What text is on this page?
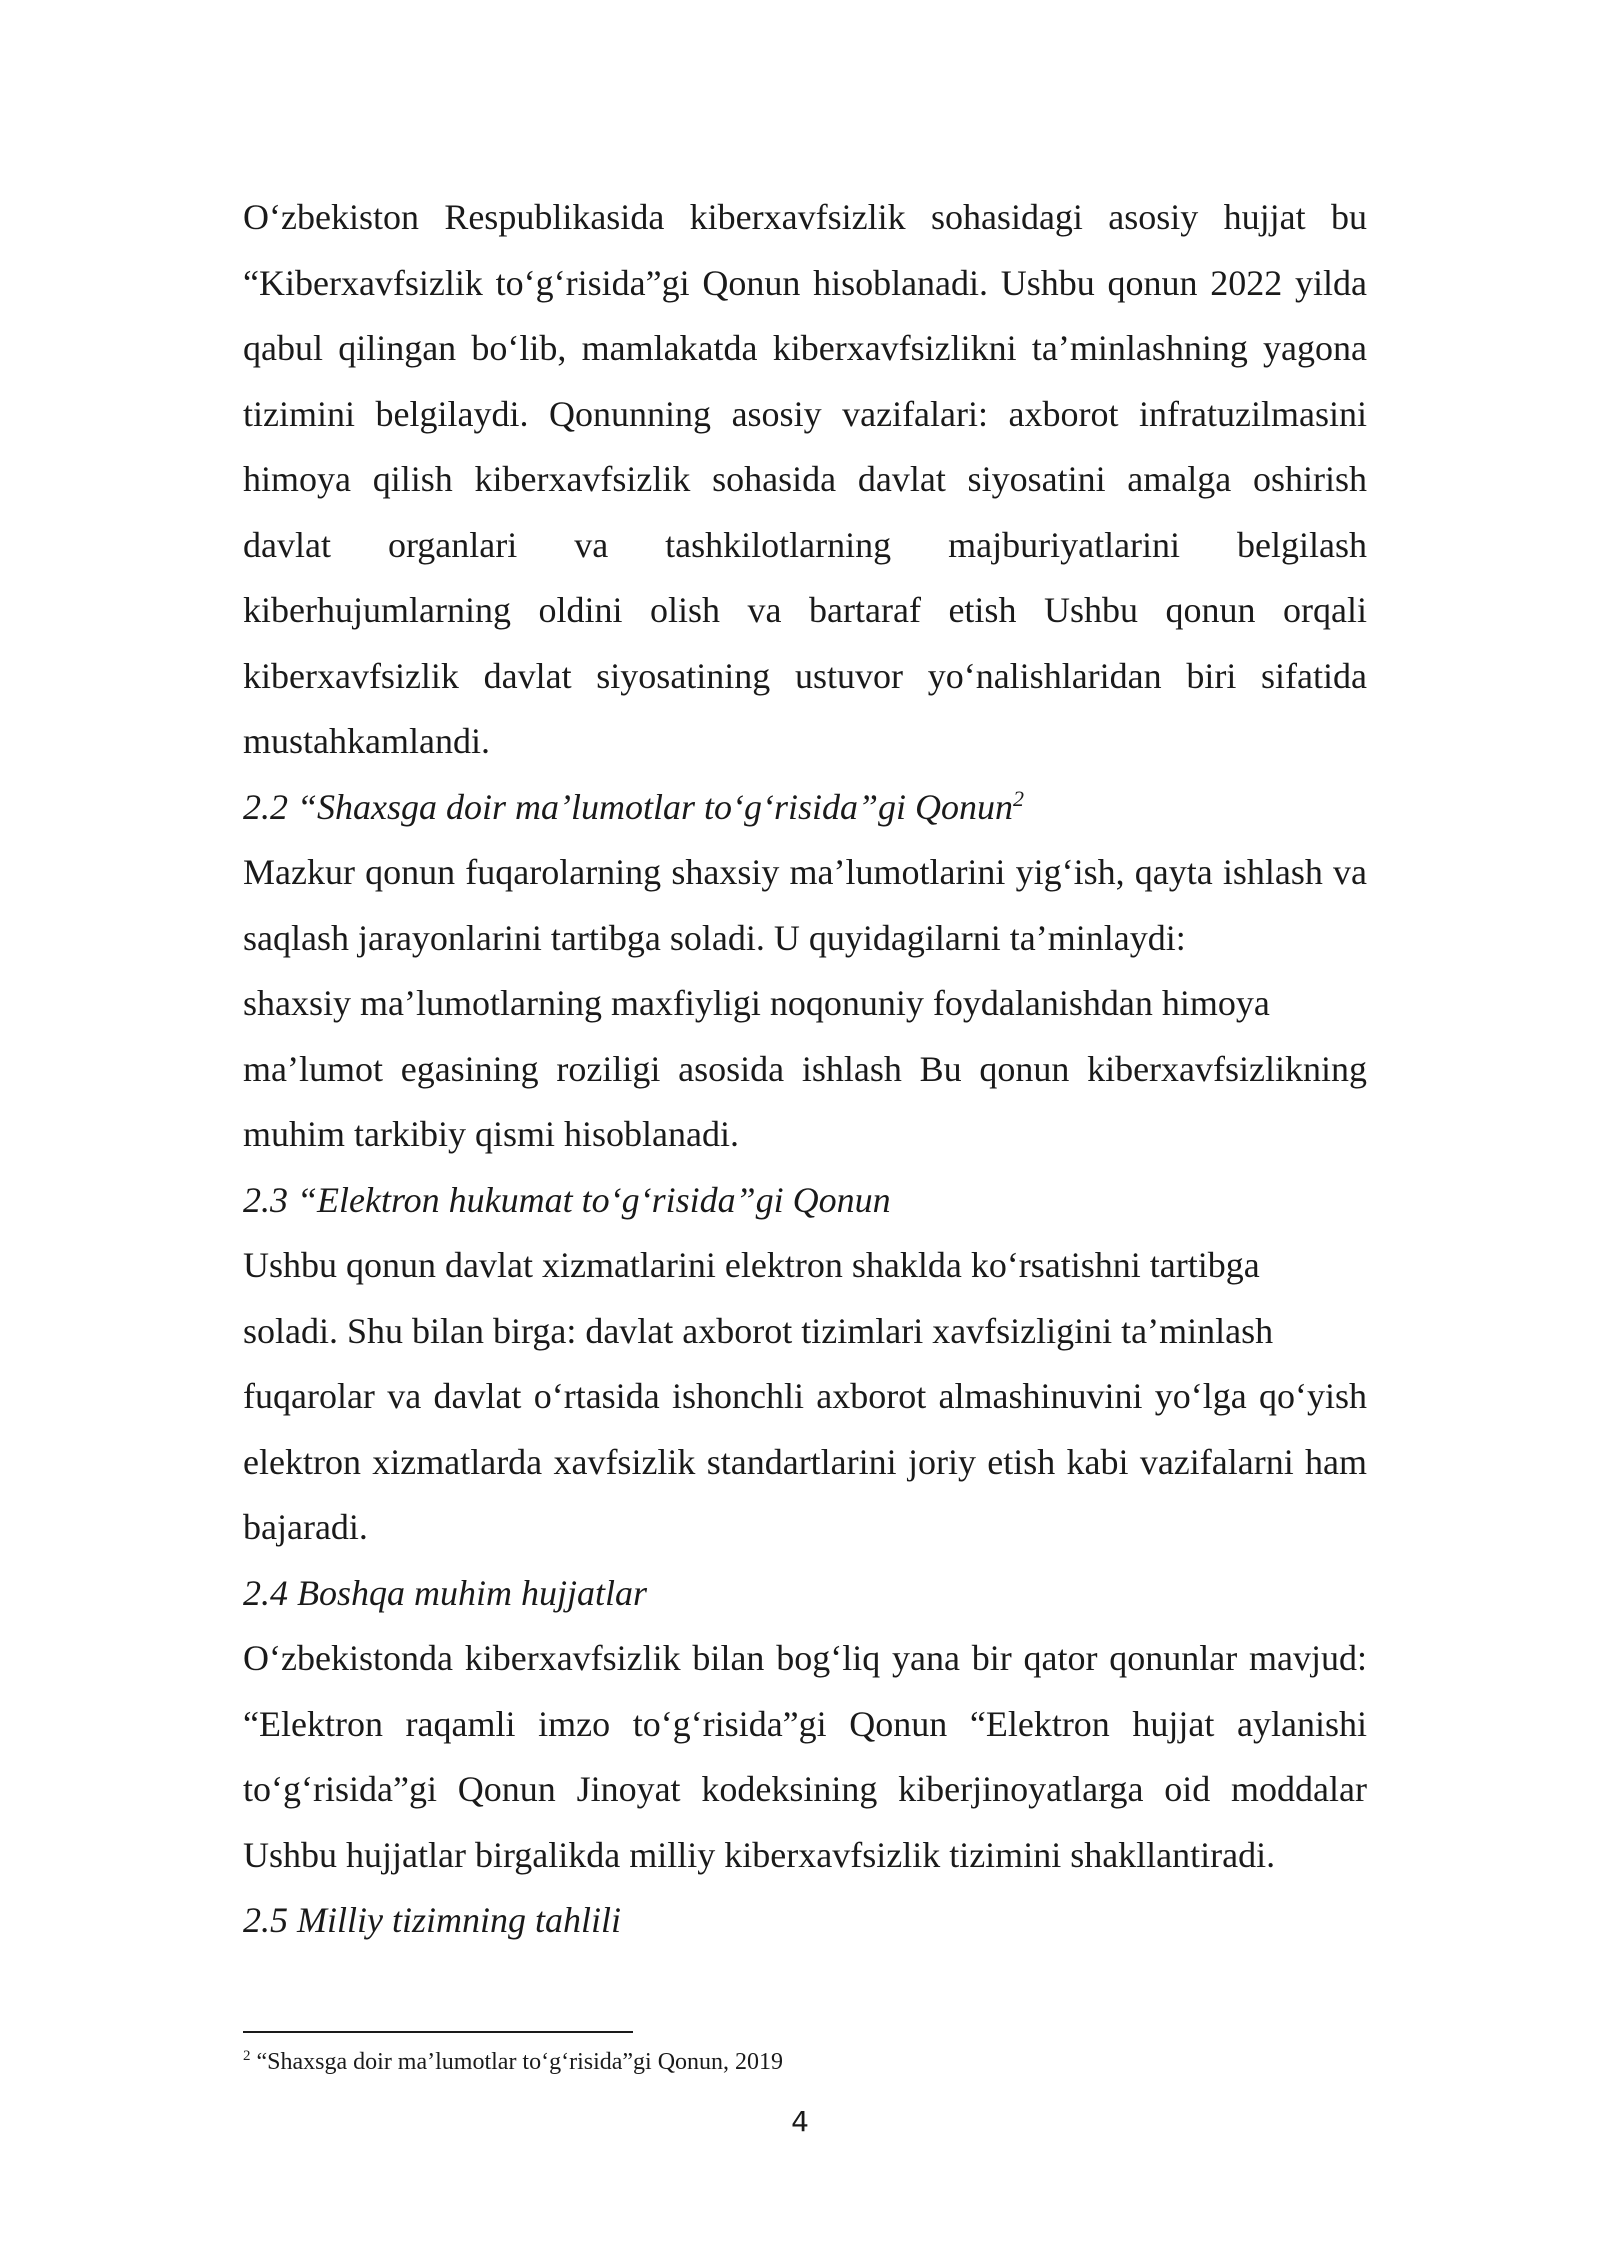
O‘zbekiston Respublikasida kiberxavfsizlik sohasidagi asosiy hujjat bu “Kiberxavfsizlik to‘g‘risida”gi Qonun hisoblanadi. Ushbu qonun 2022 yilda qabul qilingan bo‘lib, mamlakatda kiberxavfsizlikni ta’minlashning yagona tizimini belgilaydi. Qonunning asosiy vazifalari: axborot infratuzilmasini himoya qilish kiberxavfsizlik sohasida davlat siyosatini amalga oshirish davlat organlari va tashkilotlarning majburiyatlarini belgilash kiberhujumlarning oldini olish va bartaraf etish Ushbu qonun orqali kiberxavfsizlik davlat siyosatining ustuvor yo‘nalishlaridan biri sifatida mustahkamlandi.

2.2 “Shaxsga doir ma’lumotlar to‘g‘risida”gi Qonun$^2$

Mazkur qonun fuqarolarning shaxsiy ma’lumotlarini yig‘ish, qayta ishlash va saqlash jarayonlarini tartibga soladi. U quyidagilarni ta’minlaydi:

shaxsiy ma’lumotlarning maxfiyligi noqonuniy foydalanishdan himoya

ma’lumot egasining roziligi asosida ishlash Bu qonun kiberxavfsizlikning muhim tarkibiy qismi hisoblanadi.

2.3 “Elektron hukumat to‘g‘risida”gi Qonun

Ushbu qonun davlat xizmatlarini elektron shaklda ko‘rsatishni tartibga

soladi. Shu bilan birga: davlat axborot tizimlari xavfsizligini ta’minlash

fuqarolar va davlat o‘rtasida ishonchli axborot almashinuvini yo‘lga qo‘yish elektron xizmatlarda xavfsizlik standartlarini joriy etish kabi vazifalarni ham bajaradi.

2.4 Boshqa muhim hujjatlar

O‘zbekistonda kiberxavfsizlik bilan bog‘liq yana bir qator qonunlar mavjud: “Elektron raqamli imzo to‘g‘risida”gi Qonun “Elektron hujjat aylanishi to‘g‘risida”gi Qonun Jinoyat kodeksining kiberjinoyatlarga oid moddalar Ushbu hujjatlar birgalikda milliy kiberxavfsizlik tizimini shakllantiradi.

2.5 Milliy tizimning tahlili

$^2$ “Shaxsga doir ma’lumotlar to‘g‘risida”gi Qonun, 2019

4
